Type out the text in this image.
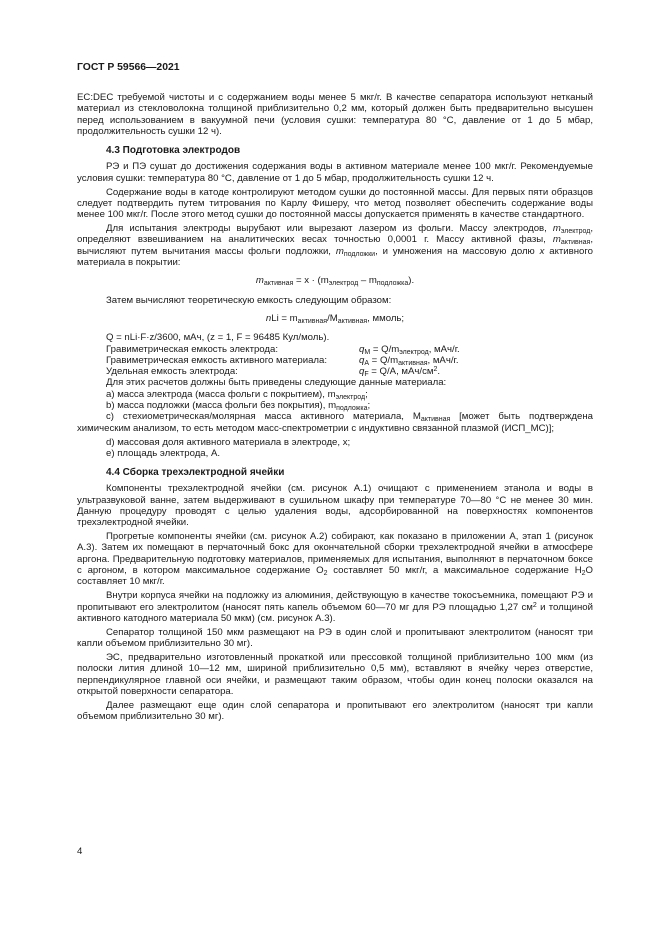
ГОСТ Р 59566—2021

EC:DEC требуемой чистоты и с содержанием воды менее 5 мкг/г. В качестве сепаратора используют нетканый материал из стекловолокна толщиной приблизительно 0,2 мм, который должен быть предварительно высушен перед использованием в вакуумной печи (условия сушки: температура 80 °С, давление от 1 до 5 мбар, продолжительность сушки 12 ч).

4.3 Подготовка электродов

РЭ и ПЭ сушат до достижения содержания воды в активном материале менее 100 мкг/г. Рекомендуемые условия сушки: температура 80 °С, давление от 1 до 5 мбар, продолжительность сушки 12 ч.

Содержание воды в катоде контролируют методом сушки до постоянной массы. Для первых пяти образцов следует подтвердить путем титрования по Карлу Фишеру, что метод позволяет обеспечить содержание воды менее 100 мкг/г. После этого метод сушки до постоянной массы допускается применять в качестве стандартного.

Для испытания электроды вырубают или вырезают лазером из фольги. Массу электродов, $m_{электрод}$, определяют взвешиванием на аналитических весах точностью 0,0001 г. Массу активной фазы, $m_{активная}$, вычисляют путем вычитания массы фольги подложки, $m_{подложки}$, и умножения на массовую долю x активного материала в покрытии:

$m_{активная} = x \cdot (m_{электрод} - m_{подложка})$.

Затем вычисляют теоретическую емкость следующим образом:

nLi = $m_{активная}/M_{активная}$, ммоль;
Q = nLi·F·z/3600, мАч, (z = 1, F = 96485 Кул/моль).
Гравиметрическая емкость электрода:	$q_M = Q/m_{электрод}$, мАч/г.
Гравиметрическая емкость активного материала:	$q_A = Q/m_{активная}$, мАч/г.
Удельная емкость электрода:	$q_F = Q/A$, мАч/$см^2$.
Для этих расчетов должны быть приведены следующие данные материала:
а) масса электрода (масса фольги с покрытием), $m_{электрод}$;
b) масса подложки (масса фольги без покрытия), $m_{подложка}$;

c) стехиометрическая/молярная масса активного материала, $M_{активная}$ [может быть подтверждена химическим анализом, то есть методом масс-спектрометрии с индуктивно связанной плазмой (ИСП_МС)];

d) массовая доля активного материала в электроде, x;
e) площадь электрода, A.
4.4 Сборка трехэлектродной ячейки

Компоненты трехэлектродной ячейки (см. рисунок А.1) очищают с применением этанола и воды в ультразвуковой ванне, затем выдерживают в сушильном шкафу при температуре 70—80 °С не менее 30 мин. Данную процедуру проводят с целью удаления воды, адсорбированной на поверхностях компонентов трехэлектродной ячейки.

Прогретые компоненты ячейки (см. рисунок А.2) собирают, как показано в приложении А, этап 1 (рисунок А.3). Затем их помещают в перчаточный бокс для окончательной сборки трехэлектродной ячейки в атмосфере аргона. Предварительную подготовку материалов, применяемых для испытания, выполняют в перчаточном боксе с аргоном, в котором максимальное содержание $O_2$ составляет 50 мкг/г, а максимальное содержание $H_2O$ составляет 10 мкг/г.

Внутри корпуса ячейки на подложку из алюминия, действующую в качестве токосъемника, помещают РЭ и пропитывают его электролитом (наносят пять капель объемом 60—70 мг для РЭ площадью 1,27 $см^2$ и толщиной активного катодного материала 50 мкм) (см. рисунок А.3).

Сепаратор толщиной 150 мкм размещают на РЭ в один слой и пропитывают электролитом (наносят три капли объемом приблизительно 30 мг).

ЭС, предварительно изготовленный прокаткой или прессовкой толщиной приблизительно 100 мкм (из полоски лития длиной 10—12 мм, шириной приблизительно 0,5 мм), вставляют в ячейку через отверстие, перпендикулярное главной оси ячейки, и размещают таким образом, чтобы один конец полоски оказался на открытой поверхности сепаратора.

Далее размещают еще один слой сепаратора и пропитывают его электролитом (наносят три капли объемом приблизительно 30 мг).

4
